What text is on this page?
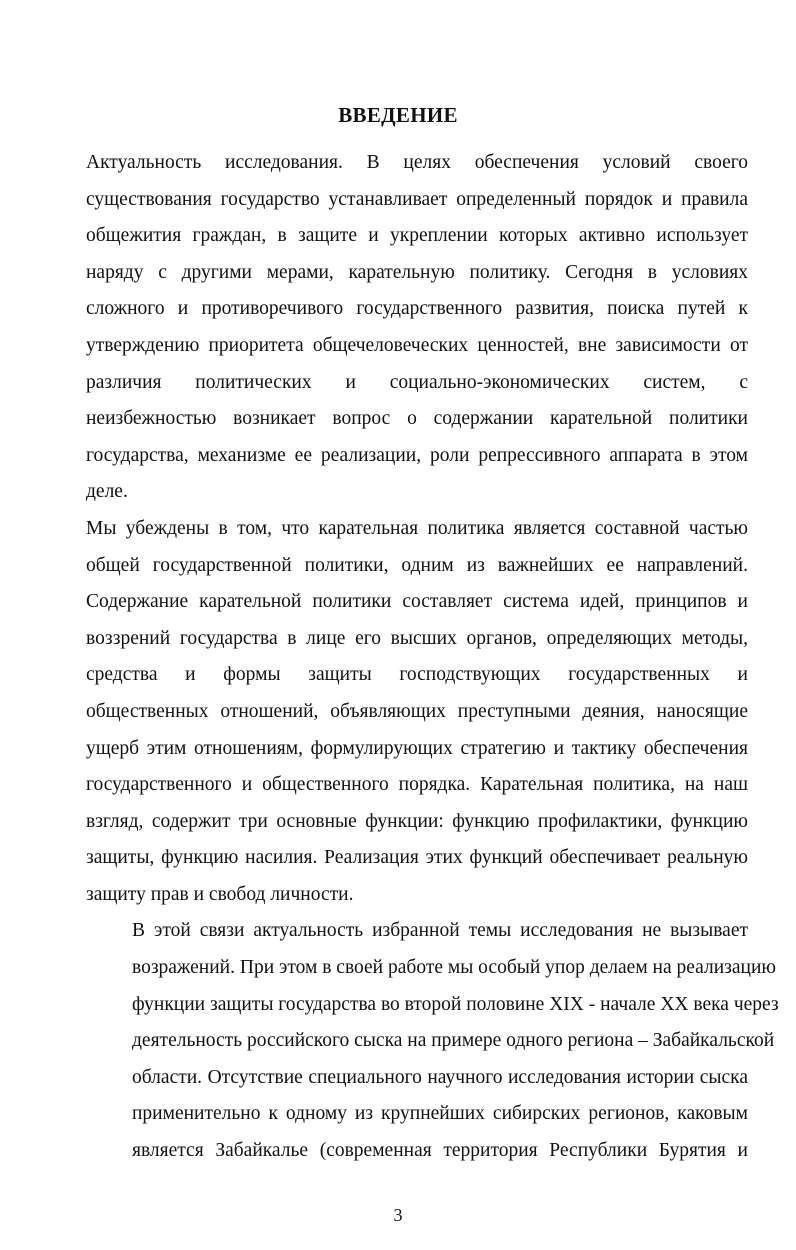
ВВЕДЕНИЕ

Актуальность исследования. В целях обеспечения условий своего
существования государство устанавливает определенный порядок и правила
общежития граждан, в защите и укреплении которых активно использует
наряду с другими мерами, карательную политику. Сегодня в условиях
сложного и противоречивого государственного развития, поиска путей к
утверждению приоритета общечеловеческих ценностей, вне зависимости от
различия политических и социально-экономических систем, с
неизбежностью возникает вопрос о содержании карательной политики
государства, механизме ее реализации, роли репрессивного аппарата в этом
деле.

Мы убеждены в том, что карательная политика является составной частью
общей государственной политики, одним из важнейших ее направлений.
Содержание карательной политики составляет система идей, принципов и
воззрений государства в лице его высших органов, определяющих методы,
средства и формы защиты господствующих государственных и
общественных отношений, объявляющих преступными деяния, наносящие
ущерб этим отношениям, формулирующих стратегию и тактику обеспечения
государственного и общественного порядка. Карательная политика, на наш
взгляд, содержит три основные функции: функцию профилактики, функцию
защиты, функцию насилия. Реализация этих функций обеспечивает реальную
защиту прав и свобод личности.

В этой связи актуальность избранной темы исследования не вызывает
возражений. При этом в своей работе мы особый упор делаем на реализацию
функции защиты государства во второй половине XIX - начале XX века через
деятельность российского сыска на примере одного региона – Забайкальской
области. Отсутствие специального научного исследования истории сыска
применительно к одному из крупнейших сибирских регионов, каковым
является Забайкалье (современная территория Республики Бурятия и

3
